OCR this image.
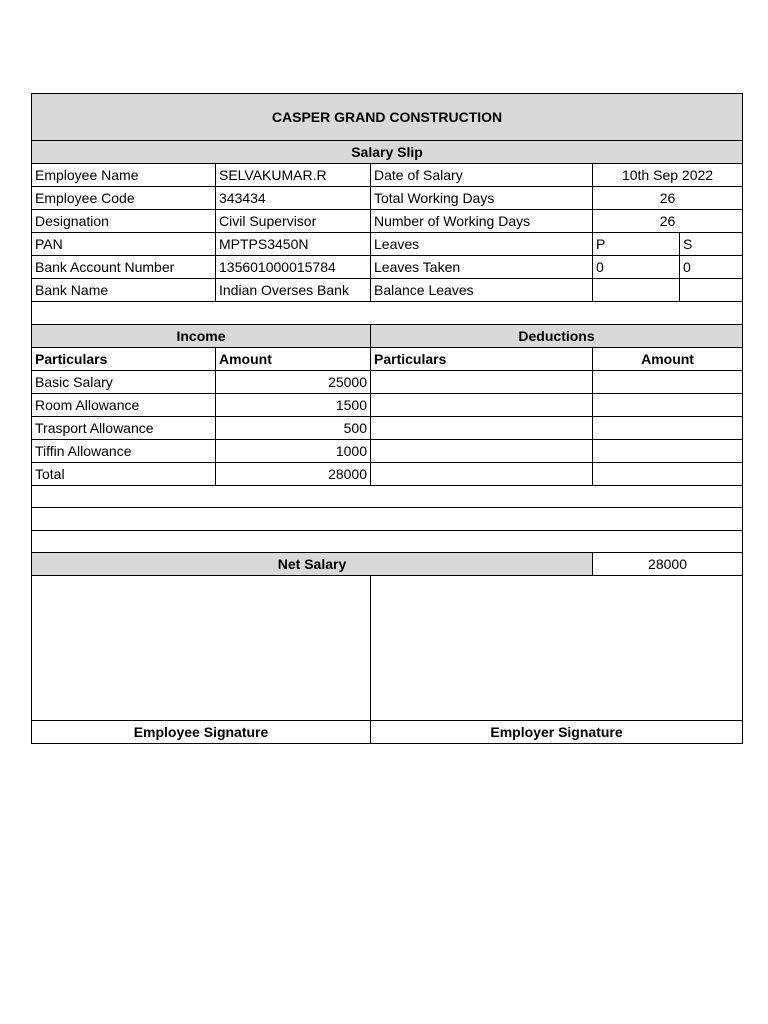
CASPER GRAND CONSTRUCTION				
Salary Slip				
Employee Name	SELVAKUMAR.R	Date of Salary	10th Sep 2022	
Employee Code	343434	Total Working Days	26	
Designation	Civil Supervisor	Number of Working Days	26	
PAN	MPTPS3450N	Leaves	P	S
Bank Account Number	135601000015784	Leaves Taken	0	0
Bank Name	Indian Overses Bank	Balance Leaves		

Income		Deductions		
Particulars	Amount	Particulars	Amount	
Basic Salary	25000			
Room Allowance	1500			
Trasport Allowance	500			
Tiffin Allowance	1000			
Total	28000			

Net Salary			28000	

Employee Signature		Employer Signature		
